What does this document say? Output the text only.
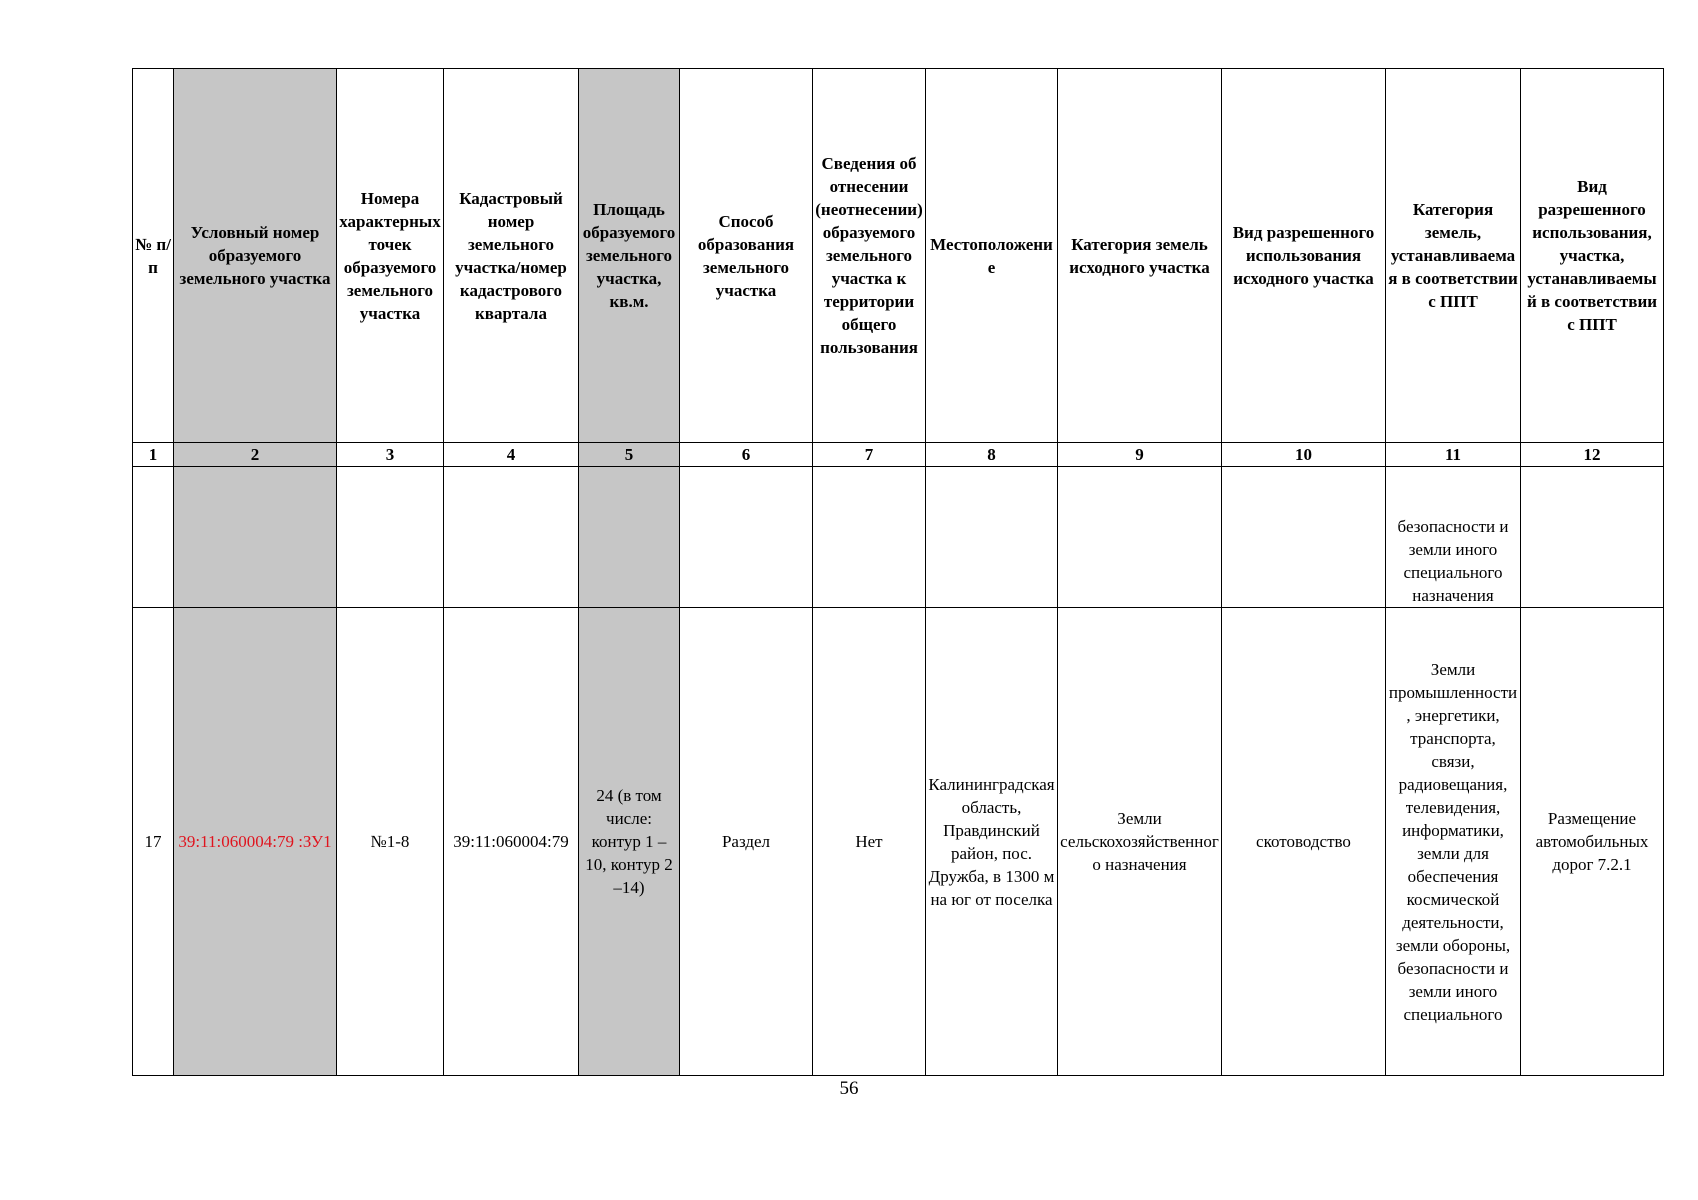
№ п/п	Условный номер образуемого земельного участка	Номера характерных точек образуемого земельного участка	Кадастровый номер земельного участка/номер кадастрового квартала	Площадь образуемого земельного участка, кв.м.	Способ образования земельного участка	Сведения об отнесении (неотнесении) образуемого земельного участка к территории общего пользования	Местоположение	Категория земель исходного участка	Вид разрешенного использования исходного участка	Категория земель, устанавливаемая в соответствии с ППТ	Вид разрешенного использования, участка, устанавливаемый в соответствии с ППТ
1	2	3	4	5	6	7	8	9	10	11	12
										безопасности и земли иного специального назначения	
17	39:11:060004:79 :ЗУ1	№1-8	39:11:060004:79	24 (в том числе: контур 1 – 10, контур 2 –14)	Раздел	Нет	Калининградская область, Правдинский район, пос. Дружба, в 1300 м на юг от поселка	Земли сельскохозяйственного назначения	скотоводство	Земли промышленности, энергетики, транспорта, связи, радиовещания, телевидения, информатики, земли для обеспечения космической деятельности, земли обороны, безопасности и земли иного специального	Размещение автомобильных дорог 7.2.1
56
